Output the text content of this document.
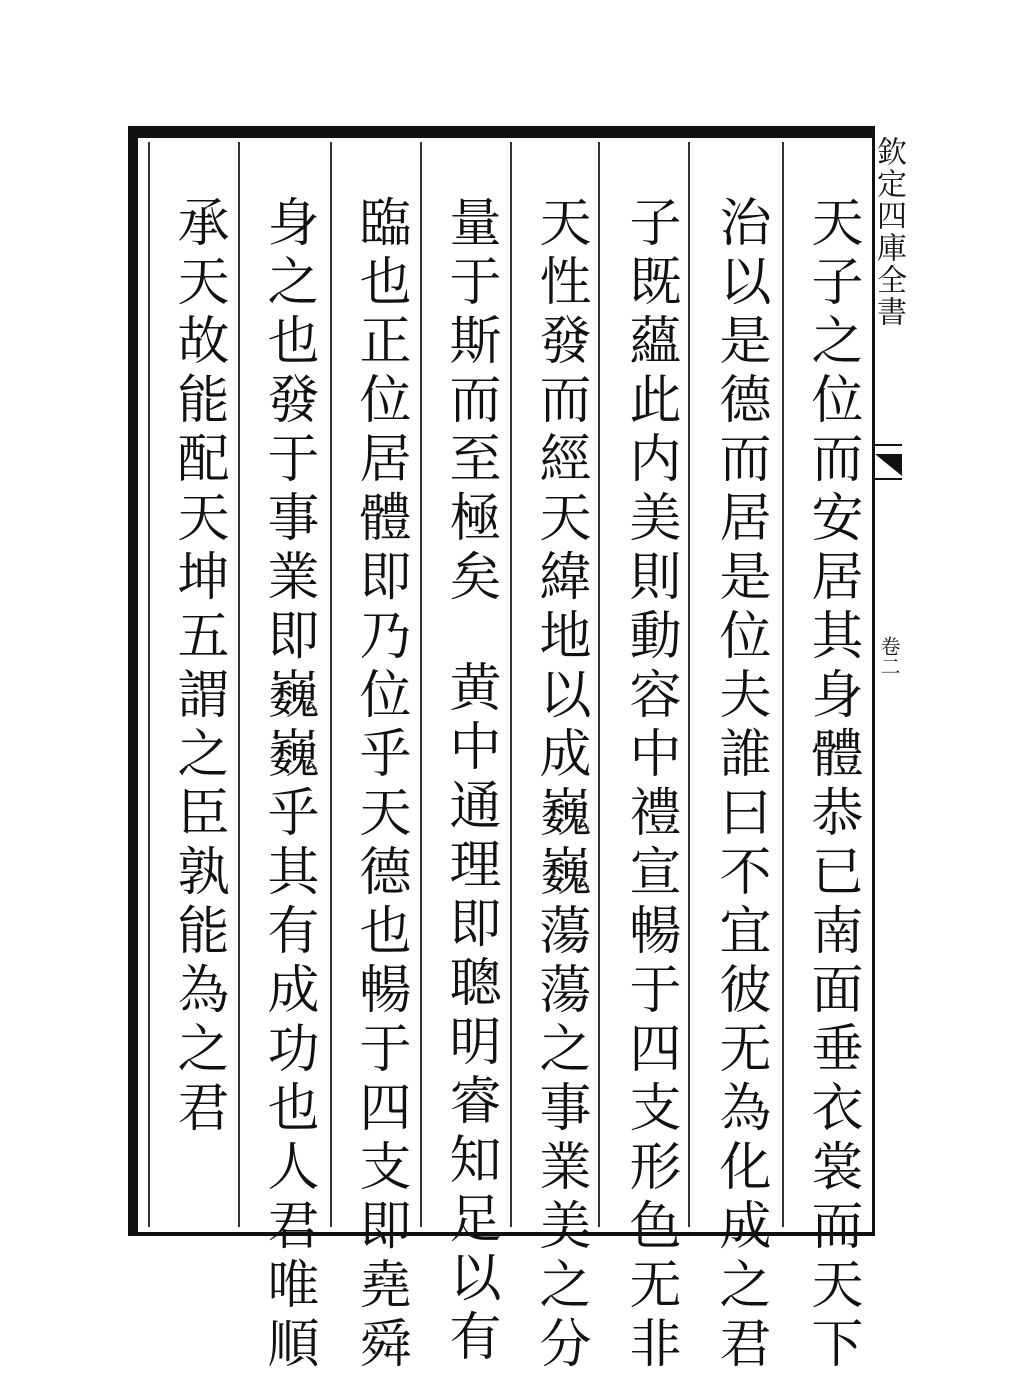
欽定四庫全書
卷二
天子之位而安居其身體恭已南面垂衣裳而天下
治以是德而居是位夫誰曰不宜彼无為化成之君
子既蘊此内美則動容中禮宣暢于四支形色无非
天性發而經天緯地以成巍巍蕩蕩之事業美之分
量于斯而至極矣黄中通理即聰明睿知足以有
臨也正位居體即乃位乎天德也暢于四支即堯舜
身之也發于事業即巍巍乎其有成功也人君唯順
承天故能配天坤五謂之臣孰能為之君
